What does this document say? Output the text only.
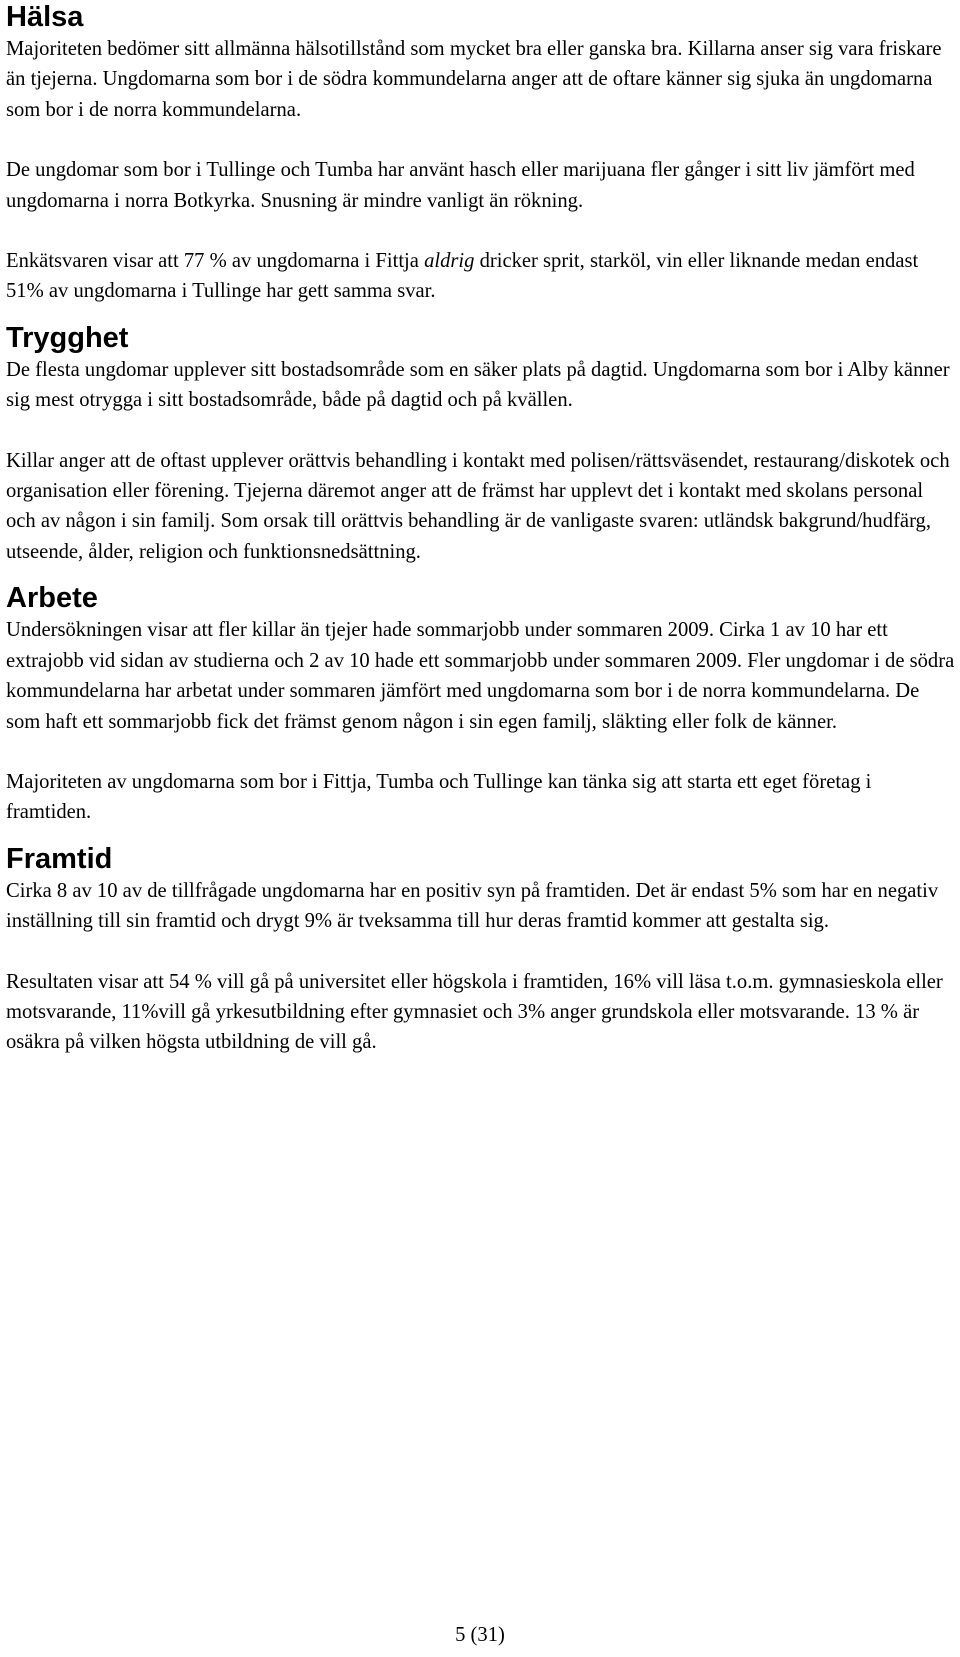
Hälsa

Majoriteten bedömer sitt allmänna hälsotillstånd som mycket bra eller ganska bra. Killarna anser sig vara friskare än tjejerna. Ungdomarna som bor i de södra kommundelarna anger att de oftare känner sig sjuka än ungdomarna som bor i de norra kommundelarna.

De ungdomar som bor i Tullinge och Tumba har använt hasch eller marijuana fler gånger i sitt liv jämfört med ungdomarna i norra Botkyrka. Snusning är mindre vanligt än rökning.

Enkätsvaren visar att 77 % av ungdomarna i Fittja aldrig dricker sprit, starköl, vin eller liknande medan endast 51% av ungdomarna i Tullinge har gett samma svar.

Trygghet

De flesta ungdomar upplever sitt bostadsområde som en säker plats på dagtid. Ungdomarna som bor i Alby känner sig mest otrygga i sitt bostadsområde, både på dagtid och på kvällen.

Killar anger att de oftast upplever orättvis behandling i kontakt med polisen/rättsväsendet, restaurang/diskotek och organisation eller förening. Tjejerna däremot anger att de främst har upplevt det i kontakt med skolans personal och av någon i sin familj. Som orsak till orättvis behandling är de vanligaste svaren: utländsk bakgrund/hudfärg, utseende, ålder, religion och funktionsnedsättning.

Arbete

Undersökningen visar att fler killar än tjejer hade sommarjobb under sommaren 2009. Cirka 1 av 10 har ett extrajobb vid sidan av studierna och 2 av 10 hade ett sommarjobb under sommaren 2009. Fler ungdomar i de södra kommundelarna har arbetat under sommaren jämfört med ungdomarna som bor i de norra kommundelarna. De som haft ett sommarjobb fick det främst genom någon i sin egen familj, släkting eller folk de känner.

Majoriteten av ungdomarna som bor i Fittja, Tumba och Tullinge kan tänka sig att starta ett eget företag i framtiden.

Framtid

Cirka 8 av 10 av de tillfrågade ungdomarna har en positiv syn på framtiden. Det är endast 5% som har en negativ inställning till sin framtid och drygt 9% är tveksamma till hur deras framtid kommer att gestalta sig.

Resultaten visar att 54 % vill gå på universitet eller högskola i framtiden, 16% vill läsa t.o.m. gymnasieskola eller motsvarande, 11%vill gå yrkesutbildning efter gymnasiet och 3% anger grundskola eller motsvarande. 13 % är osäkra på vilken högsta utbildning de vill gå.

5 (31)
